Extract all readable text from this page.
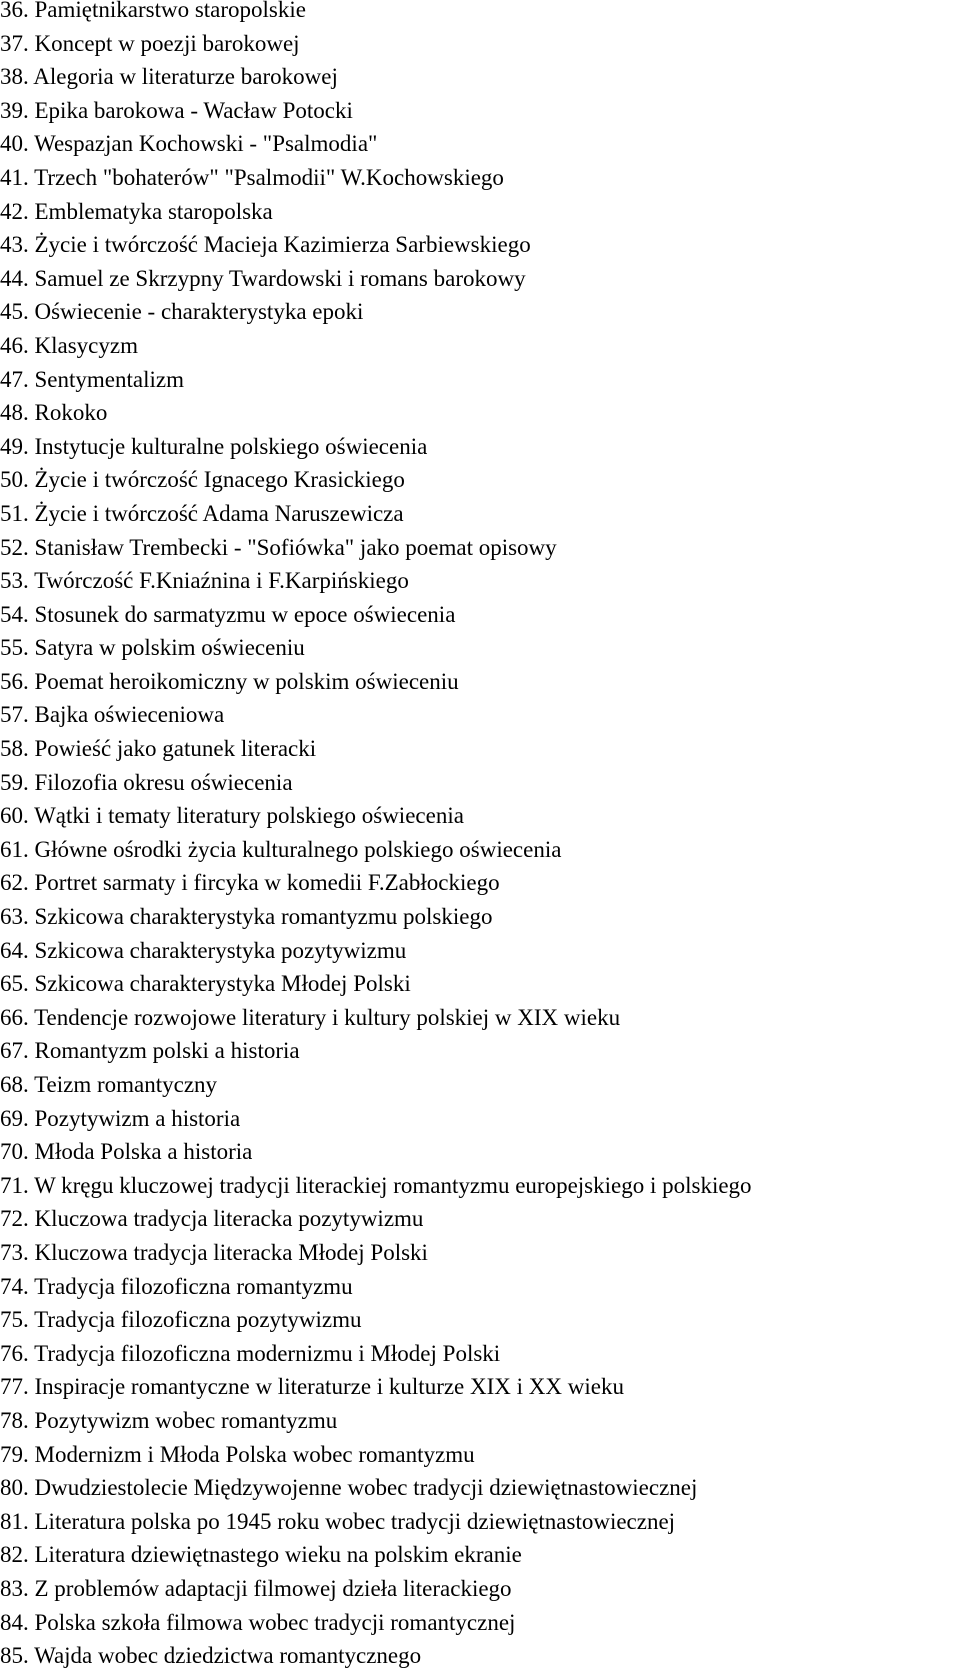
36. Pamiętnikarstwo staropolskie
37. Koncept w poezji barokowej
38. Alegoria w literaturze barokowej
39. Epika barokowa - Wacław Potocki
40. Wespazjan Kochowski - "Psalmodia"
41. Trzech "bohaterów" "Psalmodii" W.Kochowskiego
42. Emblematyka staropolska
43. Życie i twórczość Macieja Kazimierza Sarbiewskiego
44. Samuel ze Skrzypny Twardowski i romans barokowy
45. Oświecenie - charakterystyka epoki
46. Klasycyzm
47. Sentymentalizm
48. Rokoko
49. Instytucje kulturalne polskiego oświecenia
50. Życie i twórczość Ignacego Krasickiego
51. Życie i twórczość Adama Naruszewicza
52. Stanisław Trembecki - "Sofiówka" jako poemat opisowy
53. Twórczość F.Kniaźnina i F.Karpińskiego
54. Stosunek do sarmatyzmu w epoce oświecenia
55. Satyra w polskim oświeceniu
56. Poemat heroikomiczny w polskim oświeceniu
57. Bajka oświeceniowa
58. Powieść jako gatunek literacki
59. Filozofia okresu oświecenia
60. Wątki i tematy literatury polskiego oświecenia
61. Główne ośrodki życia kulturalnego polskiego oświecenia
62. Portret sarmaty i fircyka w komedii F.Zabłockiego
63. Szkicowa charakterystyka romantyzmu polskiego
64. Szkicowa charakterystyka pozytywizmu
65. Szkicowa charakterystyka Młodej Polski
66. Tendencje rozwojowe literatury i kultury polskiej w XIX wieku
67. Romantyzm polski a historia
68. Teizm romantyczny
69. Pozytywizm a historia
70. Młoda Polska a historia
71. W kręgu kluczowej tradycji literackiej romantyzmu europejskiego i polskiego
72. Kluczowa tradycja literacka pozytywizmu
73. Kluczowa tradycja literacka Młodej Polski
74. Tradycja filozoficzna romantyzmu
75. Tradycja filozoficzna pozytywizmu
76. Tradycja filozoficzna modernizmu i Młodej Polski
77. Inspiracje romantyczne w literaturze i kulturze XIX i XX wieku
78. Pozytywizm wobec romantyzmu
79. Modernizm i Młoda Polska wobec romantyzmu
80. Dwudziestolecie Międzywojenne wobec tradycji dziewiętnastowiecznej
81. Literatura polska po 1945 roku wobec tradycji dziewiętnastowiecznej
82. Literatura dziewiętnastego wieku na polskim ekranie
83. Z problemów adaptacji filmowej dzieła literackiego
84. Polska szkoła filmowa wobec tradycji romantycznej
85. Wajda wobec dziedzictwa romantycznego
